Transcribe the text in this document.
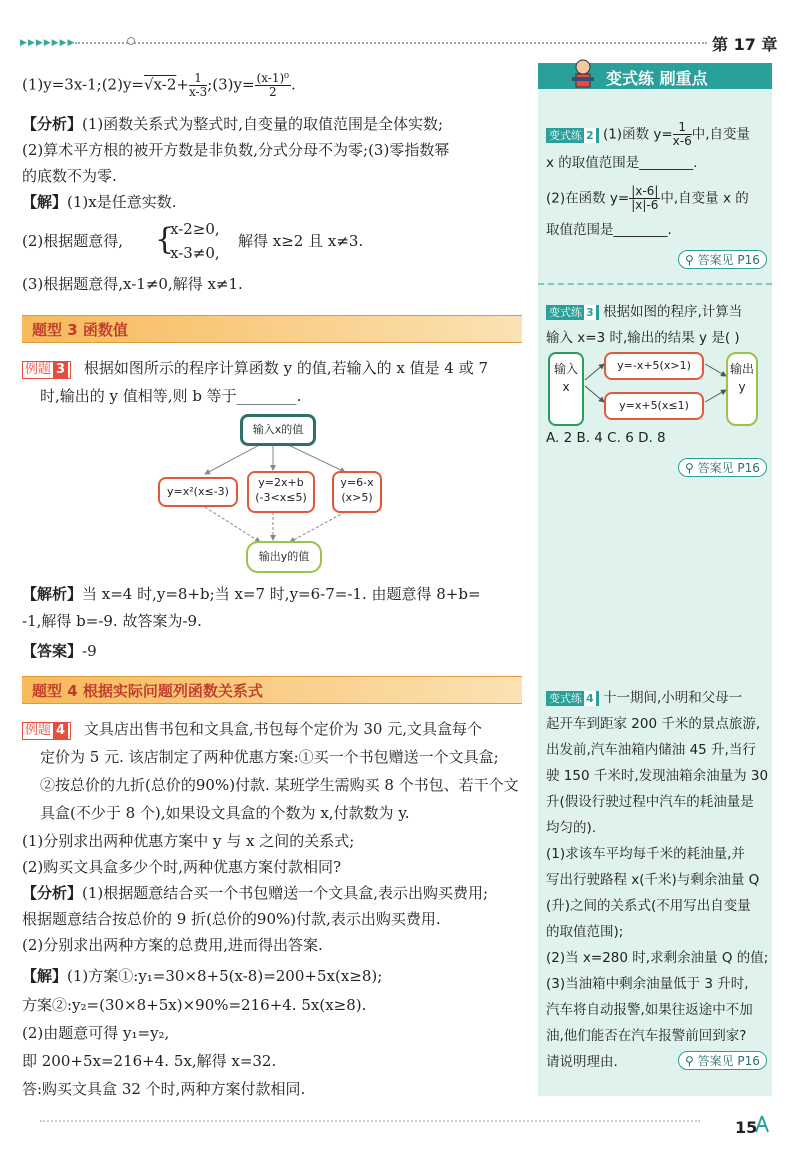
▶▶▶▶▶▶▶	第 17 章
(1)y=3x-1;(2)y=√x-2+ $\frac{1}{x-3}$ ;(3)y= $\frac{\text{(x-1)⁰}}{2}$ .
【分析】(1)函数关系式为整式时,自变量的取值范围是全体实数;
(2)算术平方根的被开方数是非负数,分式分母不为零;(3)零指数幂
的底数不为零.
【解】(1)x是任意实数.
(2)根据题意得, {
x-2≥0,
x-3≠0,
解得 x≥2 且 x≠3.
(3)根据题意得,x-1≠0,解得 x≠1.
题型 3 函数值
例题 3 根据如图所示的程序计算函数 y 的值,若输入的 x 值是 4 或 7
时,输出的 y 值相等,则 b 等于________.
输入x的值
y=x²(x≤-3)
y=2x+b
(-3<x≤5)
y=6-x
(x>5)
输出y的值
【解析】当 x=4 时,y=8+b;当 x=7 时,y=6-7=-1. 由题意得 8+b=
-1,解得 b=-9. 故答案为-9.
【答案】-9
题型 4 根据实际问题列函数关系式
例题 4 文具店出售书包和文具盒,书包每个定价为 30 元,文具盒每个
定价为 5 元. 该店制定了两种优惠方案:①买一个书包赠送一个文具盒;
②按总价的九折(总价的90%)付款. 某班学生需购买 8 个书包、若干个文
具盒(不少于 8 个),如果设文具盒的个数为 x,付款数为 y.
(1)分别求出两种优惠方案中 y 与 x 之间的关系式;
(2)购买文具盒多少个时,两种优惠方案付款相同?
【分析】(1)根据题意结合买一个书包赠送一个文具盒,表示出购买费用;
根据题意结合按总价的 9 折(总价的90%)付款,表示出购买费用.
(2)分别求出两种方案的总费用,进而得出答案.
【解】(1)方案①:y₁=30×8+5(x-8)=200+5x(x≥8);
方案②:y₂=(30×8+5x)×90%=216+4. 5x(x≥8).
(2)由题意可得 y₁=y₂,
即 200+5x=216+4. 5x,解得 x=32.
答:购买文具盒 32 个时,两种方案付款相同.
变式练 刷重点
变式练 2 (1)函数 $y= \frac{1}{x-6}$ 中,自变量
x 的取值范围是________.
(2)在函数 $y= \frac{|x-6|}{|x|-6}$ 中,自变量 x 的
取值范围是________.
⚲ 答案见 P16
变式练 3 根据如图的程序,计算当
输入 x=3 时,输出的结果 y 是( )
A. 2 B. 4 C. 6 D. 8
输入
x
y=-x+5(x>1)
y=x+5(x≤1)
输出
y
⚲ 答案见 P16
变式练 4 十一期间,小明和父母一
起开车到距家 200 千米的景点旅游,
出发前,汽车油箱内储油 45 升,当行
驶 150 千米时,发现油箱余油量为 30
升(假设行驶过程中汽车的耗油量是
均匀的).
(1)求该车平均每千米的耗油量,并
写出行驶路程 x(千米)与剩余油量 Q
(升)之间的关系式(不用写出自变量
的取值范围);
(2)当 x=280 时,求剩余油量 Q 的值;
(3)当油箱中剩余油量低于 3 升时,
汽车将自动报警,如果往返途中不加
油,他们能否在汽车报警前回到家?
请说明理由.	⚲ 答案见 P16
15
